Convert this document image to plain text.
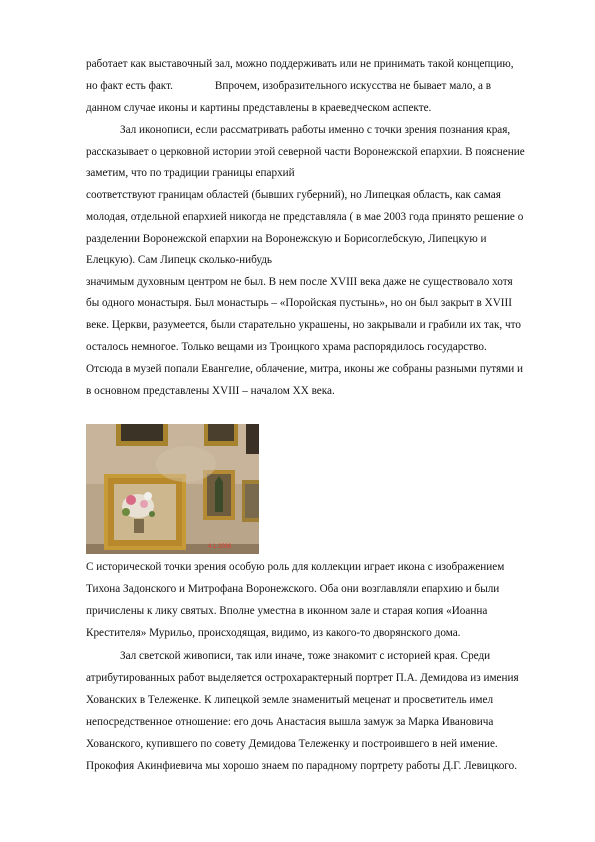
работает как выставочный зал, можно поддерживать или не принимать такой концепцию,
но факт есть факт.	Впрочем, изобразительного искусства не бывает мало, а в
данном случае иконы и картины представлены в краеведческом аспекте.
Зал иконописи, если рассматривать работы именно с точки зрения познания края,
рассказывает о церковной истории этой северной части Воронежской епархии. В пояснение
заметим, что по традиции границы епархий
соответствуют границам областей (бывших губерний), но Липецкая область, как самая
молодая, отдельной епархией никогда не представляла ( в мае 2003 года принято решение о
разделении Воронежской епархии на Воронежскую и Борисоглебскую, Липецкую и
Елецкую). Сам Липецк сколько-нибудь
значимым духовным центром не был. В нем после XVIII века даже не существовало хотя
бы одного монастыря. Был монастырь – «Поройская пустынь», но он был закрыт в XVIII
веке. Церкви, разумеется, были старательно украшены, но закрывали и грабили их так, что
осталось немногое. Только вещами из Троицкого храма распорядилось государство.
Отсюда в музей попали Евангелие, облачение, митра, иконы же собраны разными путями и
в основном представлены XVIII – началом XX века.
4 1 2006
С исторической точки зрения особую роль для коллекции играет икона с изображением
Тихона Задонского и Митрофана Воронежского. Оба они возглавляли епархию и были
причислены к лику святых. Вполне уместна в иконном зале и старая копия «Иоанна
Крестителя» Мурильо, происходящая, видимо, из какого-то дворянского дома.
Зал светской живописи, так или иначе, тоже знакомит с историей края. Среди
атрибутированных работ выделяется острохарактерный портрет П.А. Демидова из имения
Хованских в Тележенке. К липецкой земле знаменитый меценат и просветитель имел
непосредственное отношение: его дочь Анастасия вышла замуж за Марка Ивановича
Хованского, купившего по совету Демидова Тележенку и построившего в ней имение.
Прокофия Акинфиевича мы хорошо знаем по парадному портрету работы Д.Г. Левицкого.
